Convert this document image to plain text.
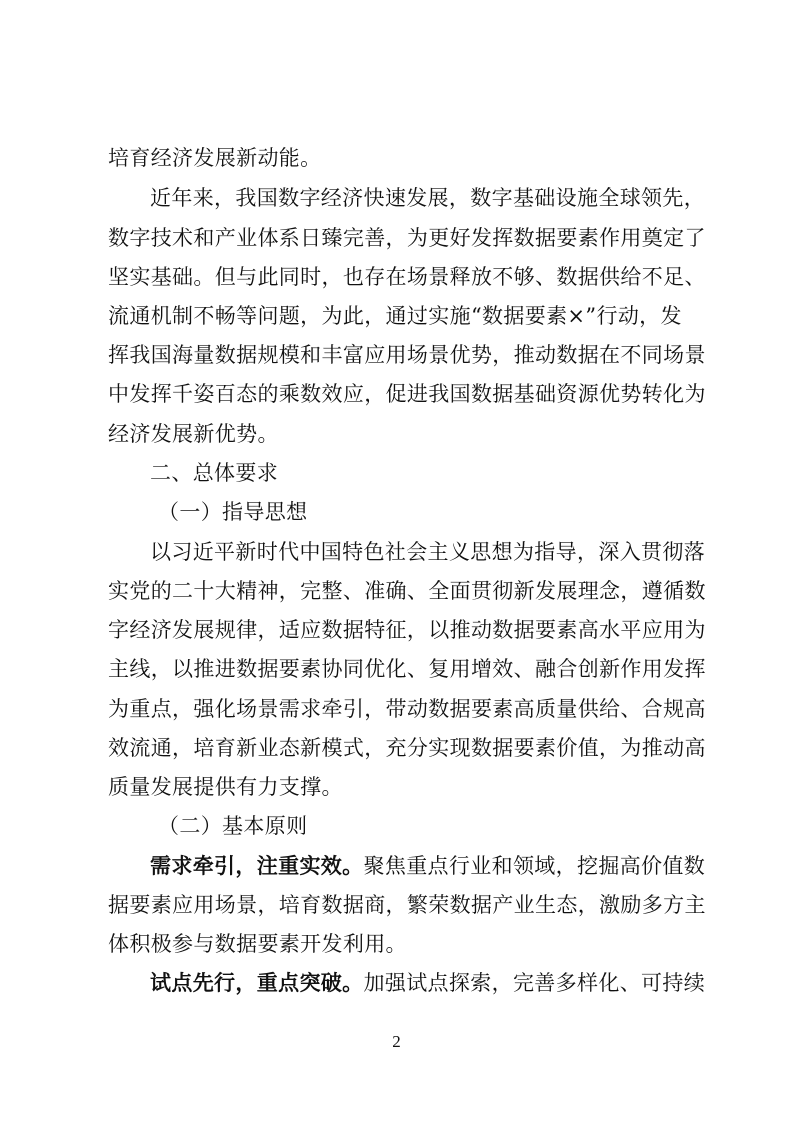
培育经济发展新动能。
近年来，我国数字经济快速发展，数字基础设施全球领先，
数字技术和产业体系日臻完善，为更好发挥数据要素作用奠定了
坚实基础。但与此同时，也存在场景释放不够、数据供给不足、
流通机制不畅等问题，为此，通过实施“数据要素×”行动，发
挥我国海量数据规模和丰富应用场景优势，推动数据在不同场景
中发挥千姿百态的乘数效应，促进我国数据基础资源优势转化为
经济发展新优势。
二、总体要求
（一）指导思想
以习近平新时代中国特色社会主义思想为指导，深入贯彻落
实党的二十大精神，完整、准确、全面贯彻新发展理念，遵循数
字经济发展规律，适应数据特征，以推动数据要素高水平应用为
主线，以推进数据要素协同优化、复用增效、融合创新作用发挥
为重点，强化场景需求牵引，带动数据要素高质量供给、合规高
效流通，培育新业态新模式，充分实现数据要素价值，为推动高
质量发展提供有力支撑。
（二）基本原则
需求牵引，注重实效。聚焦重点行业和领域，挖掘高价值数
据要素应用场景，培育数据商，繁荣数据产业生态，激励多方主
体积极参与数据要素开发利用。
试点先行，重点突破。加强试点探索，完善多样化、可持续
2
